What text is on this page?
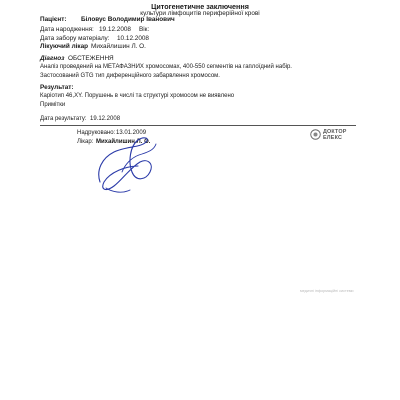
Цитогенетичне заключення
культури лімфоцитів периферійної крові
Пацієнт: Біловус Володимир Іванович
Дата народження: 19.12.2008 Вік:
Дата забору матеріалу: 10.12.2008
Лікуючий лікар Михайлишин Л. О.
Діагноз ОБСТЕЖЕННЯ
Аналіз проведений на МЕТАФАЗНИХ хромосомах, 400-550 сегментів на гаплоїдний набір.
Застосований GTG тип диференційного забарвлення хромосом.
Результат:
Каріотип 46,XY. Порушень в числі та структурі хромосом не виявлено
Примітки
Дата результату: 19.12.2008
Надруковано: 13.01.2009
Лікар: Михайлишин Л. О.
ДОКТОР
ЕЛЕКС
медичні інформаційні системи
